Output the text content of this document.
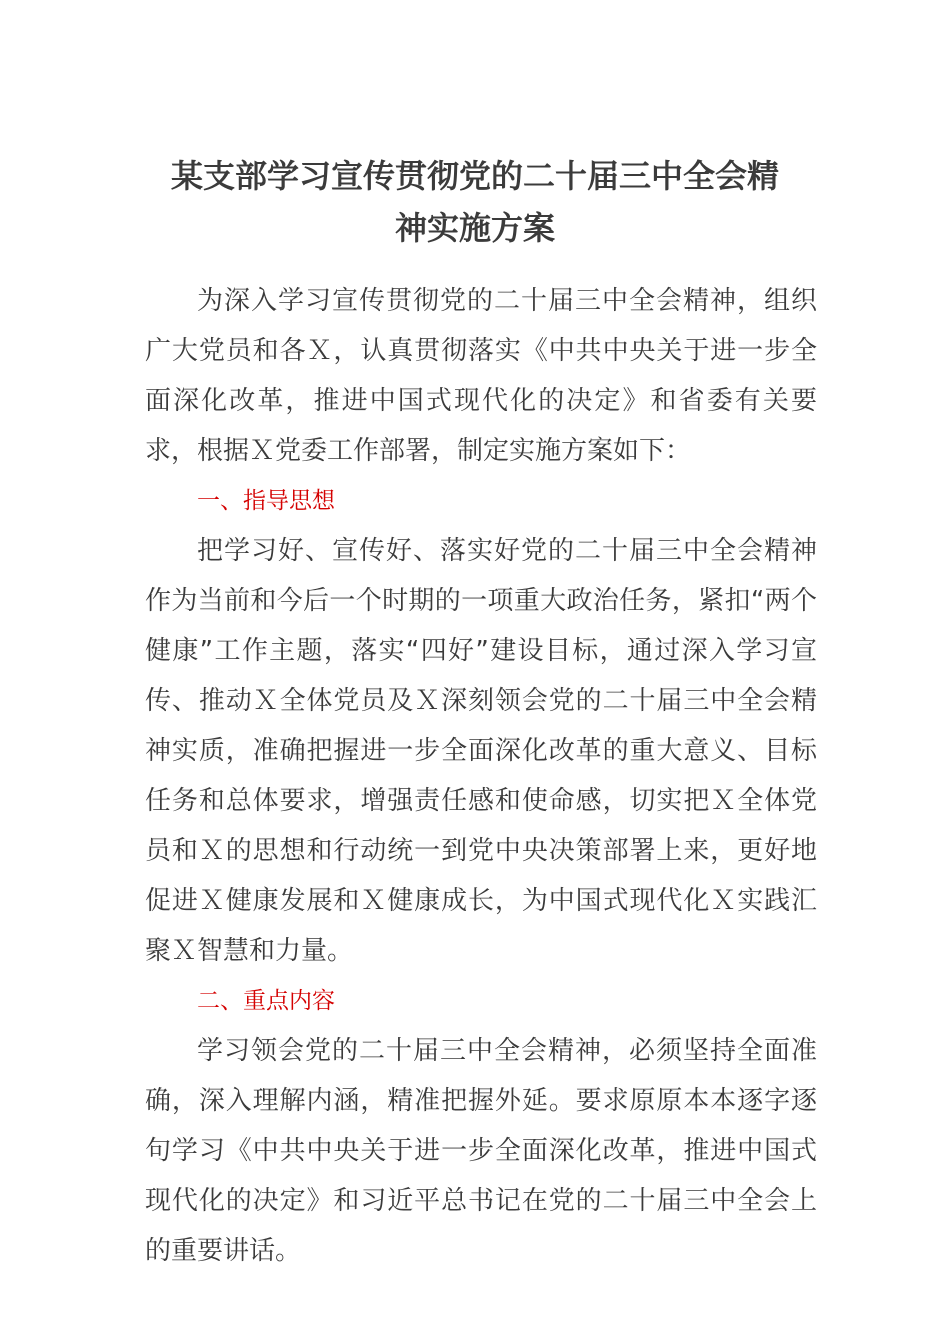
某支部学习宣传贯彻党的二十届三中全会精
神实施方案

为深入学习宣传贯彻党的二十届三中全会精神，组织广大党员和各Ｘ，认真贯彻落实《中共中央关于进一步全面深化改革，推进中国式现代化的决定》和省委有关要求，根据Ｘ党委工作部署，制定实施方案如下：

一、指导思想

把学习好、宣传好、落实好党的二十届三中全会精神作为当前和今后一个时期的一项重大政治任务，紧扣“两个健康”工作主题，落实“四好”建设目标，通过深入学习宣传、推动Ｘ全体党员及Ｘ深刻领会党的二十届三中全会精神实质，准确把握进一步全面深化改革的重大意义、目标任务和总体要求，增强责任感和使命感，切实把Ｘ全体党员和Ｘ的思想和行动统一到党中央决策部署上来，更好地促进Ｘ健康发展和Ｘ健康成长，为中国式现代化Ｘ实践汇聚Ｘ智慧和力量。

二、重点内容

学习领会党的二十届三中全会精神，必须坚持全面准确，深入理解内涵，精准把握外延。要求原原本本逐字逐句学习《中共中央关于进一步全面深化改革，推进中国式现代化的决定》和习近平总书记在党的二十届三中全会上的重要讲话。
